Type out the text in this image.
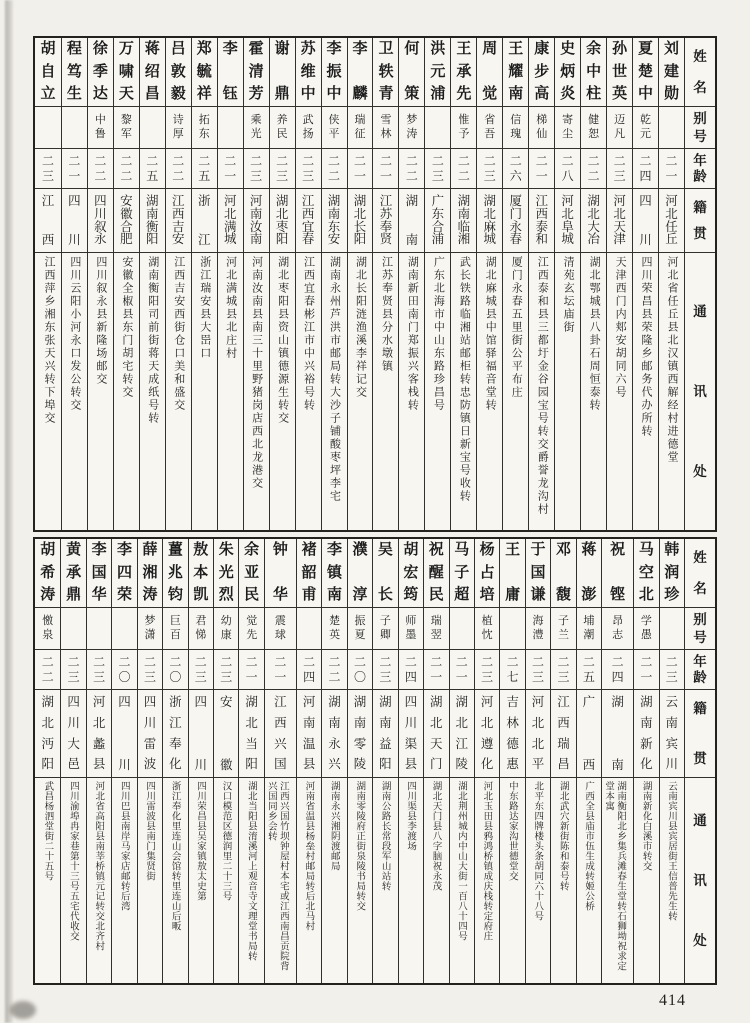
胡
自
立
二
三
江
西
江西萍乡湘东张天兴转下埠交
程
笃
生
二
一
四
川
四川云阳小河永口发公转交
徐
季
达
中
鲁
二
二
四
川
叙
永
四川叙永县新隆场邮交
万
啸
天
黎
军
二
二
安
徽
合
肥
安徽全椒县东门胡宅转交
蒋
绍
昌
二
五
湖
南
衡
阳
湖南衡阳司前街蒋天成纸号转
吕
敦
毅
诗
厚
二
二
江
西
吉
安
江西吉安西街仓口美和盛交
郑
毓
祥
拓
东
二
五
浙
江
浙江瑞安县大岊口
李
钰
二
一
河
北
满
城
河北满城县北庄村
霍
清
芳
乘
光
二
三
河
南
汝
南
河南汝南县南三十里野猪岗店西北龙港交
谢
鼎
养
民
二
三
湖
北
枣
阳
湖北枣阳县资山镇德源生转交
苏
维
中
武
扬
二
三
江
西
宜
春
江西宜春彬江市中兴裕号转
李
振
中
侠
平
二
二
湖
南
东
安
湖南永州芦洪市邮局转大沙子铺酸枣坪李宅
李
麟
瑞
征
二
一
湖
北
长
阳
湖北长阳涟渔溪李祥记交
卫
轶
青
雪
林
二
一
江
苏
奉
贤
江苏奉贤县分水墩镇
何
策
梦
涛
二
二
湖
南
湖南新田南门郑振兴客栈转
洪
元
浦
二
三
广
东
合
浦
广东北海市中山东路珍昌号
王
承
先
惟
予
二
二
湖
南
临
湘
武长铁路临湘站邮柜转忠防镇日新宝号收转
周
觉
省
吾
二
三
湖
北
麻
城
湖北麻城县中馆驿福音堂转
王
耀
南
信
瑰
二
六
厦
门
永
春
厦门永春五里街公平布庄
康
步
高
梯
仙
二
一
江
西
泰
和
江西泰和县三都圩金谷园宝号转交爵誉龙沟村
史
炳
炎
寄
尘
二
八
河
北
阜
城
清苑玄坛庙街
余
中
柱
健
恕
二
二
湖
北
大
冶
湖北鄂城县八卦石周恒泰转
孙
世
英
迈
凡
二
三
河
北
天
津
天津西门内郏安胡同六号
夏
楚
中
乾
元
二
四
四
川
四川荣昌县荣隆乡邮务代办所转
刘
建
勋
二
一
河
北
任
丘
河北省任丘县北汉镇西解经村进德堂
姓
名
别
号
年
龄
籍
贯
通
讯
处
胡
希
涛
憿
泉
二
二
湖
北
沔
阳
武昌杨泗堂街二十五号
黄
承
鼎
二
三
四
川
大
邑
四川渝埠冉家巷第十三号五宅代收交
李
国
华
二
三
河
北
蠡
县
河北省高阳县南莘桥镇元记转交北齐村
李
四
荣
二
〇
四
川
四川巴县南岸马家店邮转后湾
薛
湘
涛
梦
潇
二
三
四
川
雷
波
四川雷波县南门集贤街
薑
兆
钧
巨
百
二
〇
浙
江
奉
化
浙江奉化里连山会馆转里连山后畈
敖
本
凯
君
悌
二
三
四
川
四川荣昌县吴家镇敖太史第
朱
光
烈
幼
康
二
三
安
徽
汉口模范区德润里二十三号
余
亚
民
觉
先
二
一
湖
北
当
阳
湖北当阳县淯溪河上观音寺文理堂书局转
钟
华
震
球
二
一
江
西
兴
国
江西兴国竹坝钟屋村本宅或江西南昌贡院背兴国同乡会转
褚
韶
甫
二
四
河
南
温
县
河南省温县杨垒村邮局转后北马村
李
镇
南
楚
英
二
二
湖
南
永
兴
湖南永兴湘阴渡邮局
濮
淳
振
夏
二
〇
湖
南
零
陵
湖南零陵府正街泉陵书局转交
吴
长
子
卿
二
三
湖
南
益
阳
湖南公路长常段军山站转
胡
宏
筠
师
墨
二
四
四
川
渠
县
四川渠县李渡场
祝
醒
民
瑞
翌
二
一
湖
北
天
门
湖北天门县八字脑祝永茂
马
子
超
二
一
湖
北
江
陵
湖北荆州城内中山大街一百八十四号
杨
占
培
植
忱
二
三
河
北
遵
化
河北玉田县鸦鸿桥镇成庆栈转定府庄
王
庸
二
七
吉
林
德
惠
中东路达家沟世德堂交
于
国
谦
海
澧
二
三
河
北
北
平
北平东四牌楼头条胡同六十八号
邓
馥
子
兰
二
三
江
西
瑞
昌
湖北武穴新街陈和泰号转
蒋
澎
埔
潮
二
五
广
西
广西全县庙市伍生成转姬公桥
祝
铿
昂
志
二
四
湖
南
湖南衡阳北乡集兵滩春生堂转石狮坳祝求定堂本寓
马
空
北
学
愚
二
一
湖
南
新
化
湖南新化白溪市转交
韩
润
珍
二
三
云
南
宾
川
云南宾川县宾居街王信普先生转
姓
名
别
号
年
龄
籍
贯
通
讯
处
414
